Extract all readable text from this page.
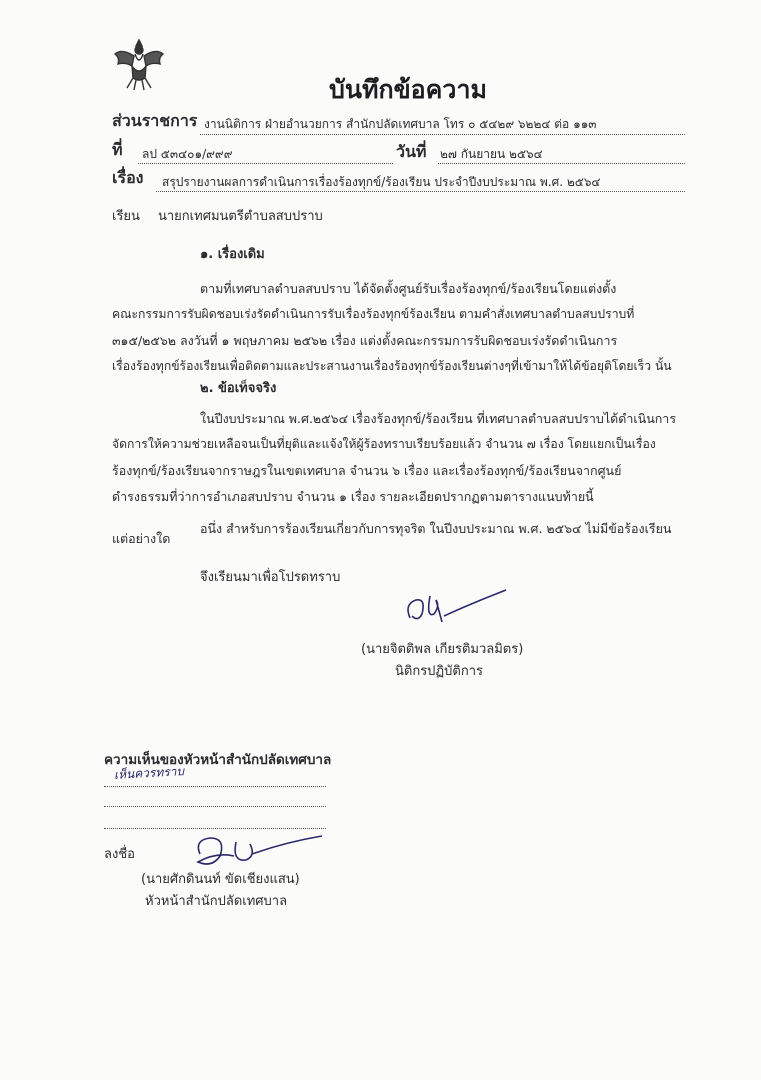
บันทึกข้อความ
ส่วนราชการ งานนิติการ ฝ่ายอำนวยการ สำนักปลัดเทศบาล โทร ๐ ๕๔๒๙ ๖๒๒๔ ต่อ ๑๑๓
ที่ ลป ๕๓๔๐๑/๙๙๙	วันที่ ๒๗ กันยายน ๒๕๖๔
เรื่อง สรุปรายงานผลการดำเนินการเรื่องร้องทุกข์/ร้องเรียน ประจำปีงบประมาณ พ.ศ. ๒๕๖๔
เรียน นายกเทศมนตรีตำบลสบปราบ
๑. เรื่องเดิม
ตามที่เทศบาลตำบลสบปราบ ได้จัดตั้งศูนย์รับเรื่องร้องทุกข์/ร้องเรียนโดยแต่งตั้ง
คณะกรรมการรับผิดชอบเร่งรัดดำเนินการรับเรื่องร้องทุกข์ร้องเรียน ตามคำสั่งเทศบาลตำบลสบปราบที่
๓๑๕/๒๕๖๒ ลงวันที่ ๑ พฤษภาคม ๒๕๖๒ เรื่อง แต่งตั้งคณะกรรมการรับผิดชอบเร่งรัดดำเนินการ
เรื่องร้องทุกข์ร้องเรียนเพื่อติดตามและประสานงานเรื่องร้องทุกข์ร้องเรียนต่างๆที่เข้ามาให้ได้ข้อยุติโดยเร็ว นั้น
๒. ข้อเท็จจริง
ในปีงบประมาณ พ.ศ.๒๕๖๔ เรื่องร้องทุกข์/ร้องเรียน ที่เทศบาลตำบลสบปราบได้ดำเนินการ
จัดการให้ความช่วยเหลือจนเป็นที่ยุติและแจ้งให้ผู้ร้องทราบเรียบร้อยแล้ว จำนวน ๗ เรื่อง โดยแยกเป็นเรื่อง
ร้องทุกข์/ร้องเรียนจากราษฎรในเขตเทศบาล จำนวน ๖ เรื่อง และเรื่องร้องทุกข์/ร้องเรียนจากศูนย์
ดำรงธรรมที่ว่าการอำเภอสบปราบ จำนวน ๑ เรื่อง รายละเอียดปรากฏตามตารางแนบท้ายนี้
อนึ่ง สำหรับการร้องเรียนเกี่ยวกับการทุจริต ในปีงบประมาณ พ.ศ. ๒๕๖๔ ไม่มีข้อร้องเรียน
แต่อย่างใด
จึงเรียนมาเพื่อโปรดทราบ
(นายจิตติพล เกียรติมวลมิตร)
นิติกรปฏิบัติการ
ความเห็นของหัวหน้าสำนักปลัดเทศบาล
เห็นควรทราบ
ลงชื่อ
(นายศักดินนท์ ขัดเชียงแสน)
หัวหน้าสำนักปลัดเทศบาล
